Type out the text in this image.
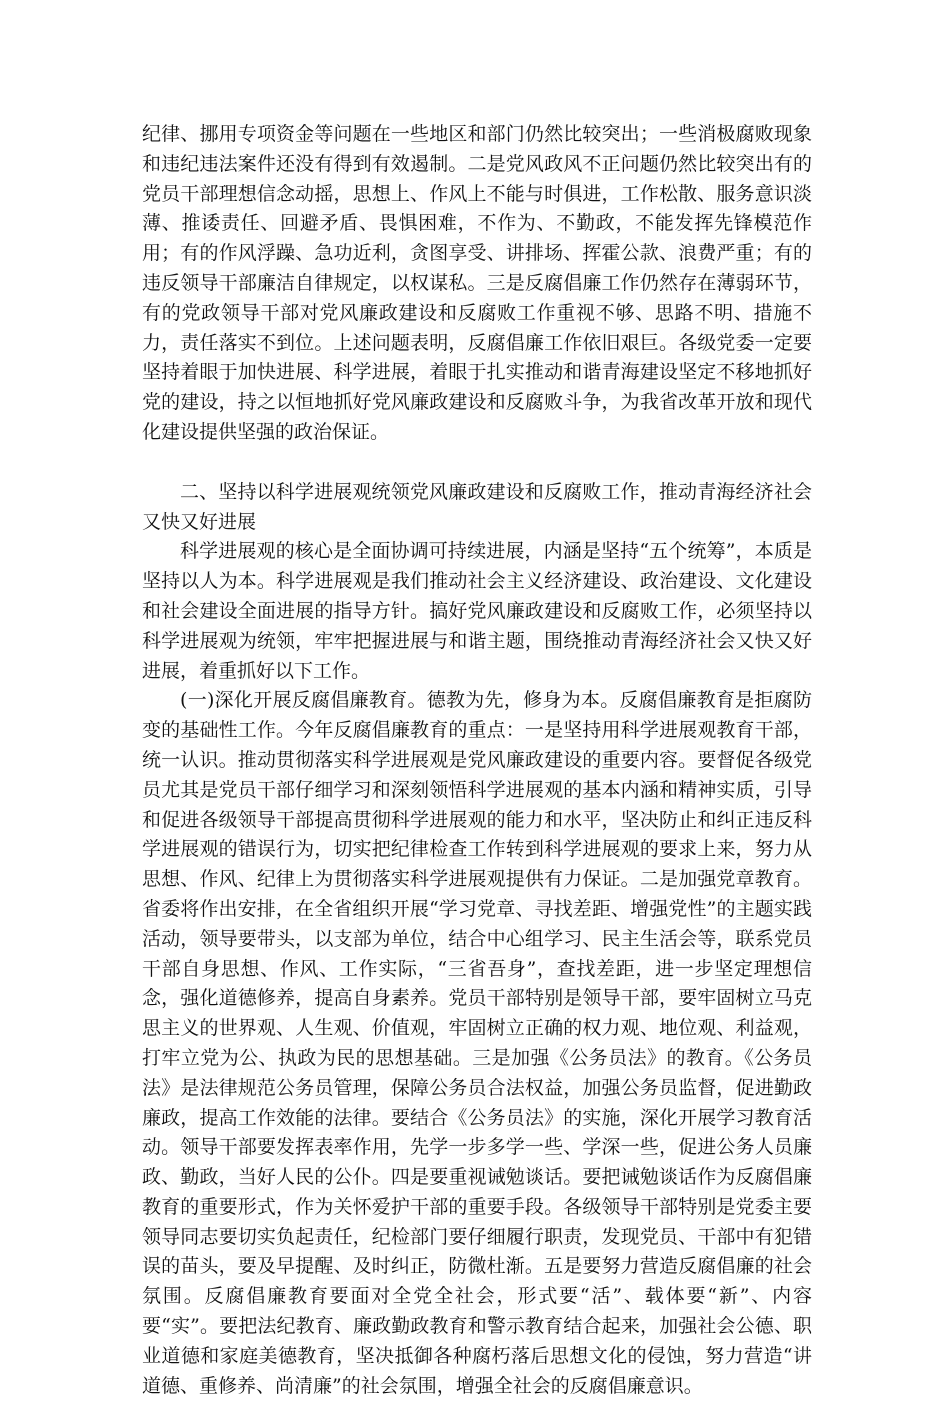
纪律、挪用专项资金等问题在一些地区和部门仍然比较突出；一些消极腐败现象和违纪违法案件还没有得到有效遏制。二是党风政风不正问题仍然比较突出有的党员干部理想信念动摇，思想上、作风上不能与时俱进，工作松散、服务意识淡薄、推诿责任、回避矛盾、畏惧困难，不作为、不勤政，不能发挥先锋模范作用；有的作风浮躁、急功近利，贪图享受、讲排场、挥霍公款、浪费严重；有的违反领导干部廉洁自律规定，以权谋私。三是反腐倡廉工作仍然存在薄弱环节，有的党政领导干部对党风廉政建设和反腐败工作重视不够、思路不明、措施不力，责任落实不到位。上述问题表明，反腐倡廉工作依旧艰巨。各级党委一定要坚持着眼于加快进展、科学进展，着眼于扎实推动和谐青海建设坚定不移地抓好党的建设，持之以恒地抓好党风廉政建设和反腐败斗争，为我省改革开放和现代化建设提供坚强的政治保证。

二、坚持以科学进展观统领党风廉政建设和反腐败工作，推动青海经济社会又快又好进展

科学进展观的核心是全面协调可持续进展，内涵是坚持“五个统筹”，本质是坚持以人为本。科学进展观是我们推动社会主义经济建设、政治建设、文化建设和社会建设全面进展的指导方针。搞好党风廉政建设和反腐败工作，必须坚持以科学进展观为统领，牢牢把握进展与和谐主题，围绕推动青海经济社会又快又好进展，着重抓好以下工作。

(一)深化开展反腐倡廉教育。德教为先，修身为本。反腐倡廉教育是拒腐防变的基础性工作。今年反腐倡廉教育的重点：一是坚持用科学进展观教育干部，统一认识。推动贯彻落实科学进展观是党风廉政建设的重要内容。要督促各级党员尤其是党员干部仔细学习和深刻领悟科学进展观的基本内涵和精神实质，引导和促进各级领导干部提高贯彻科学进展观的能力和水平，坚决防止和纠正违反科学进展观的错误行为，切实把纪律检查工作转到科学进展观的要求上来，努力从思想、作风、纪律上为贯彻落实科学进展观提供有力保证。二是加强党章教育。省委将作出安排，在全省组织开展“学习党章、寻找差距、增强党性”的主题实践活动，领导要带头，以支部为单位，结合中心组学习、民主生活会等，联系党员干部自身思想、作风、工作实际，“三省吾身”，查找差距，进一步坚定理想信念，强化道德修养，提高自身素养。党员干部特别是领导干部，要牢固树立马克思主义的世界观、人生观、价值观，牢固树立正确的权力观、地位观、利益观，打牢立党为公、执政为民的思想基础。三是加强《公务员法》的教育。《公务员法》是法律规范公务员管理，保障公务员合法权益，加强公务员监督，促进勤政廉政，提高工作效能的法律。要结合《公务员法》的实施，深化开展学习教育活动。领导干部要发挥表率作用，先学一步多学一些、学深一些，促进公务人员廉政、勤政，当好人民的公仆。四是要重视诫勉谈话。要把诫勉谈话作为反腐倡廉教育的重要形式，作为关怀爱护干部的重要手段。各级领导干部特别是党委主要领导同志要切实负起责任，纪检部门要仔细履行职责，发现党员、干部中有犯错误的苗头，要及早提醒、及时纠正，防微杜渐。五是要努力营造反腐倡廉的社会氛围。反腐倡廉教育要面对全党全社会，形式要“活”、载体要“新”、内容要“实”。要把法纪教育、廉政勤政教育和警示教育结合起来，加强社会公德、职业道德和家庭美德教育，坚决抵御各种腐朽落后思想文化的侵蚀，努力营造“讲道德、重修养、尚清廉”的社会氛围，增强全社会的反腐倡廉意识。
